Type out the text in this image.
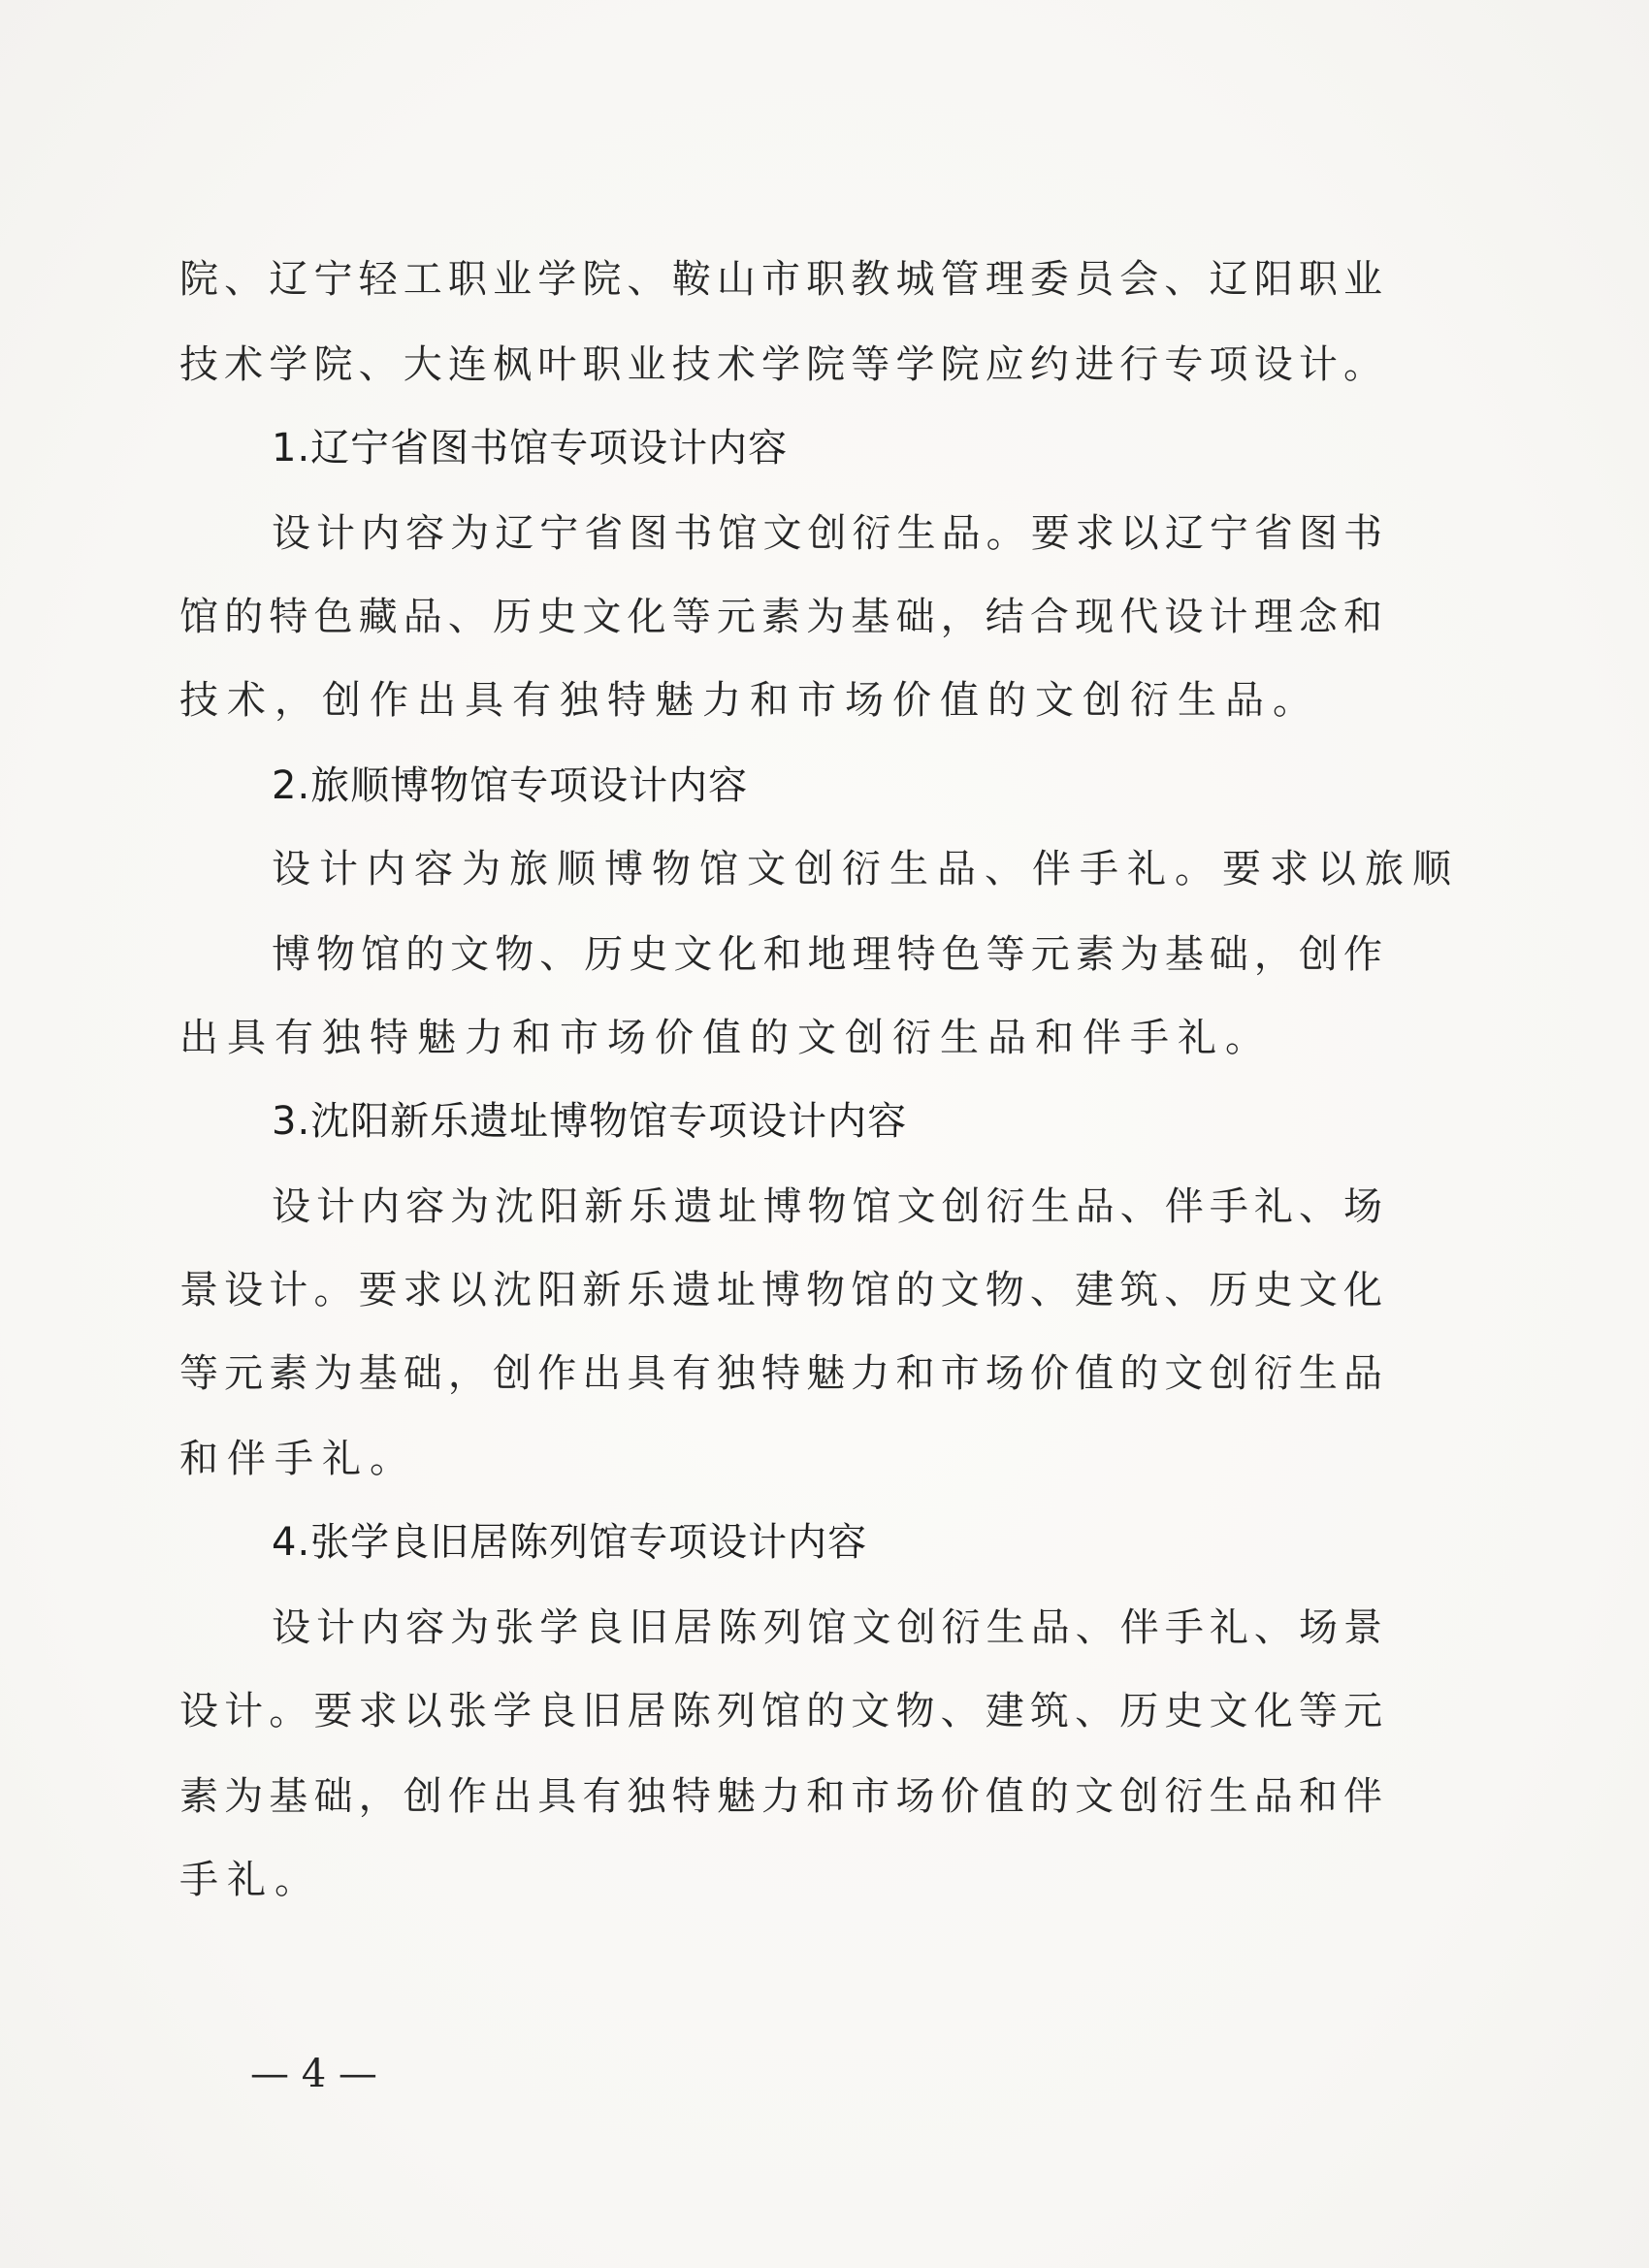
院、辽宁轻工职业学院、鞍山市职教城管理委员会、辽阳职业
技术学院、大连枫叶职业技术学院等学院应约进行专项设计。
1.辽宁省图书馆专项设计内容
设计内容为辽宁省图书馆文创衍生品。要求以辽宁省图书
馆的特色藏品、历史文化等元素为基础，结合现代设计理念和
技术，创作出具有独特魅力和市场价值的文创衍生品。
2.旅顺博物馆专项设计内容
设计内容为旅顺博物馆文创衍生品、伴手礼。要求以旅顺
博物馆的文物、历史文化和地理特色等元素为基础，创作
出具有独特魅力和市场价值的文创衍生品和伴手礼。
3.沈阳新乐遗址博物馆专项设计内容
设计内容为沈阳新乐遗址博物馆文创衍生品、伴手礼、场
景设计。要求以沈阳新乐遗址博物馆的文物、建筑、历史文化
等元素为基础，创作出具有独特魅力和市场价值的文创衍生品
和伴手礼。
4.张学良旧居陈列馆专项设计内容
设计内容为张学良旧居陈列馆文创衍生品、伴手礼、场景
设计。要求以张学良旧居陈列馆的文物、建筑、历史文化等元
素为基础，创作出具有独特魅力和市场价值的文创衍生品和伴
手礼。
— 4 —
